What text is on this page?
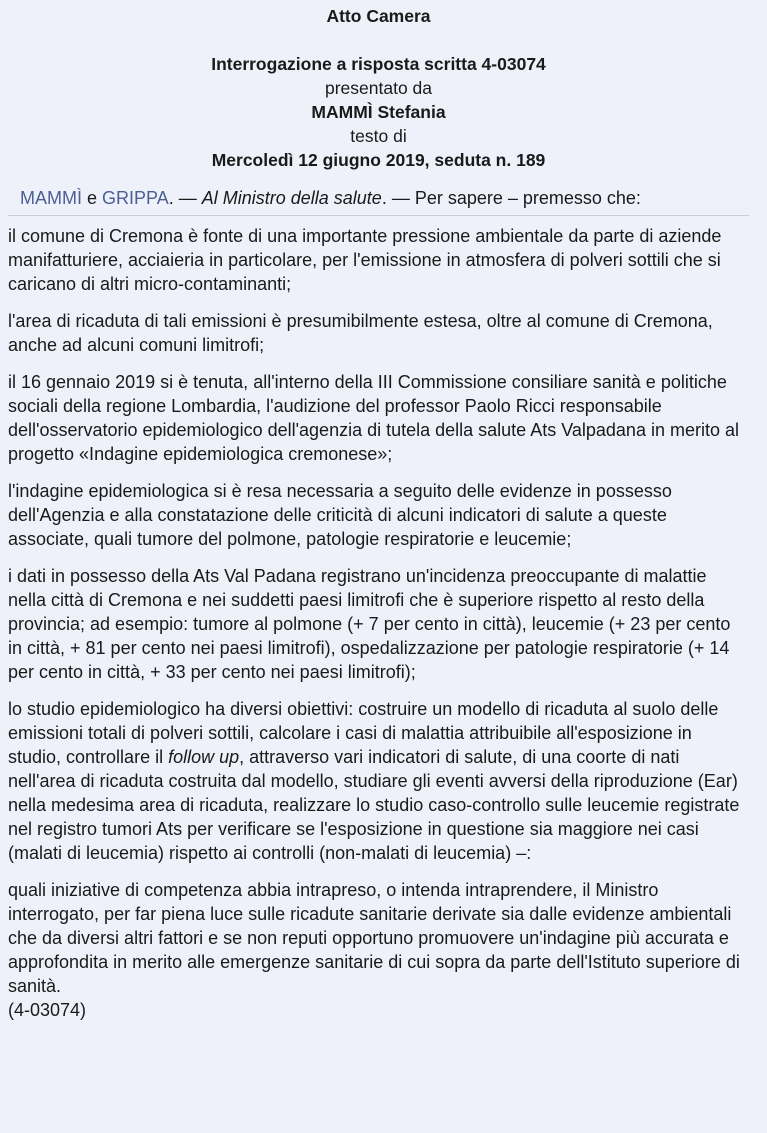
Atto Camera
Interrogazione a risposta scritta 4-03074
presentato da
MAMMÌ Stefania
testo di
Mercoledì 12 giugno 2019, seduta n. 189
MAMMÌ e GRIPPA. — Al Ministro della salute. — Per sapere – premesso che:

il comune di Cremona è fonte di una importante pressione ambientale da parte di aziende manifatturiere, acciaieria in particolare, per l'emissione in atmosfera di polveri sottili che si caricano di altri micro-contaminanti;

l'area di ricaduta di tali emissioni è presumibilmente estesa, oltre al comune di Cremona, anche ad alcuni comuni limitrofi;

il 16 gennaio 2019 si è tenuta, all'interno della III Commissione consiliare sanità e politiche sociali della regione Lombardia, l'audizione del professor Paolo Ricci responsabile dell'osservatorio epidemiologico dell'agenzia di tutela della salute Ats Valpadana in merito al progetto «Indagine epidemiologica cremonese»;

l'indagine epidemiologica si è resa necessaria a seguito delle evidenze in possesso dell'Agenzia e alla constatazione delle criticità di alcuni indicatori di salute a queste associate, quali tumore del polmone, patologie respiratorie e leucemie;

i dati in possesso della Ats Val Padana registrano un'incidenza preoccupante di malattie nella città di Cremona e nei suddetti paesi limitrofi che è superiore rispetto al resto della provincia; ad esempio: tumore al polmone (+ 7 per cento in città), leucemie (+ 23 per cento in città, + 81 per cento nei paesi limitrofi), ospedalizzazione per patologie respiratorie (+ 14 per cento in città, + 33 per cento nei paesi limitrofi);

lo studio epidemiologico ha diversi obiettivi: costruire un modello di ricaduta al suolo delle emissioni totali di polveri sottili, calcolare i casi di malattia attribuibile all'esposizione in studio, controllare il follow up, attraverso vari indicatori di salute, di una coorte di nati nell'area di ricaduta costruita dal modello, studiare gli eventi avversi della riproduzione (Ear) nella medesima area di ricaduta, realizzare lo studio caso-controllo sulle leucemie registrate nel registro tumori Ats per verificare se l'esposizione in questione sia maggiore nei casi (malati di leucemia) rispetto ai controlli (non-malati di leucemia) –:

quali iniziative di competenza abbia intrapreso, o intenda intraprendere, il Ministro interrogato, per far piena luce sulle ricadute sanitarie derivate sia dalle evidenze ambientali che da diversi altri fattori e se non reputi opportuno promuovere un'indagine più accurata e approfondita in merito alle emergenze sanitarie di cui sopra da parte dell'Istituto superiore di sanità.

(4-03074)
